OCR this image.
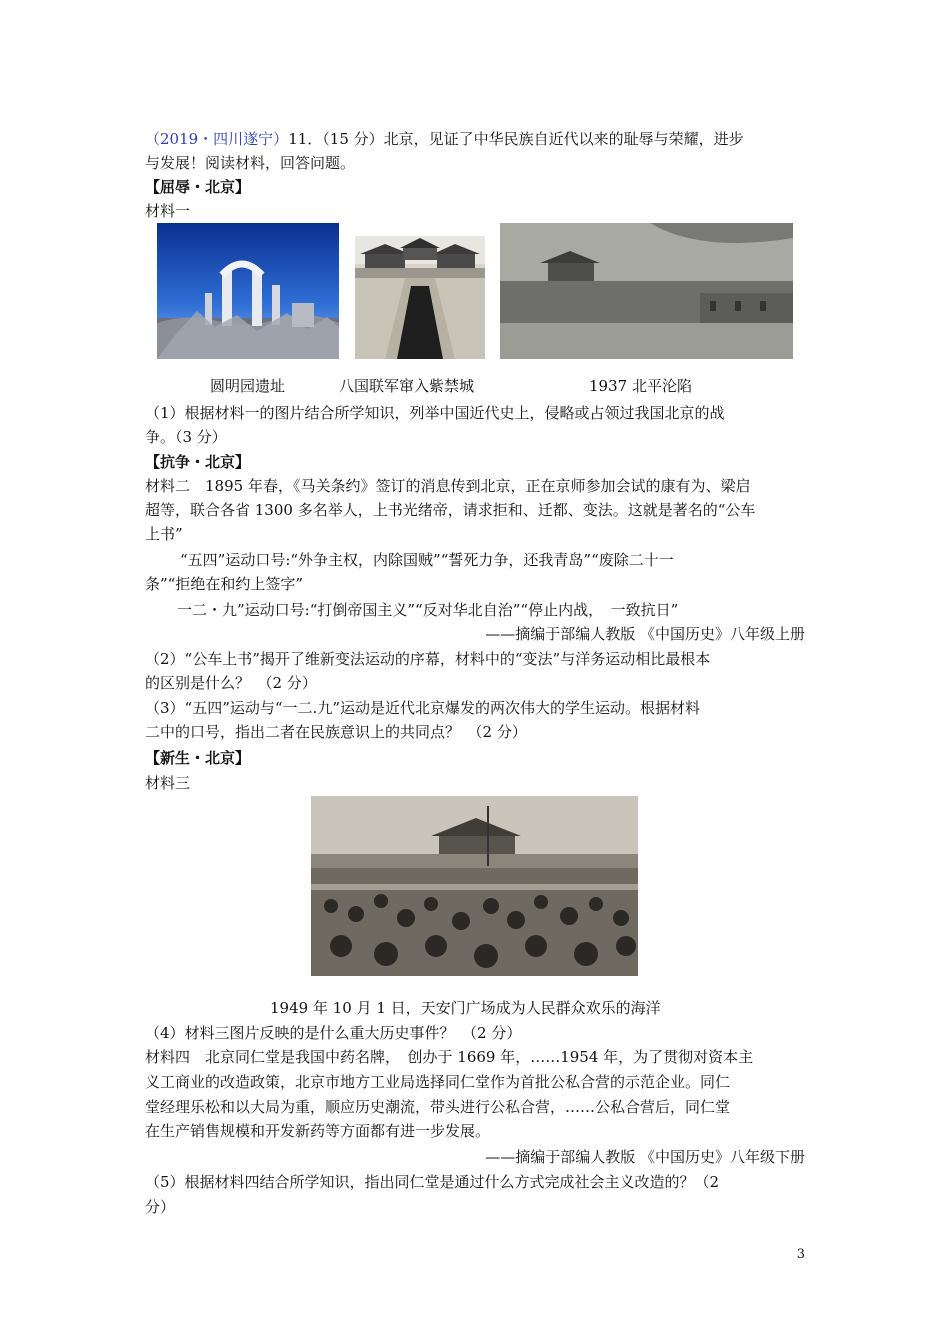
（2019・四川遂宁）11．（15 分）北京，见证了中华民族自近代以来的耻辱与荣耀，进步
与发展！阅读材料，回答问题。
【屈辱・北京】
材料一
圆明园遗址	八国联军窜入紫禁城	1937 北平沦陷
（1）根据材料一的图片结合所学知识，列举中国近代史上，侵略或占领过我国北京的战
争。（3 分）
【抗争・北京】
材料二　1895 年春，《马关条约》签订的消息传到北京，正在京师参加会试的康有为、梁启
超等，联合各省 1300 多名举人，上书光绪帝，请求拒和、迁都、变法。这就是著名的“公车
上书”
“五四”运动口号:“外争主权，内除国贼”“誓死力争，还我青岛”“废除二十一
条”“拒绝在和约上签字”
一二・九”运动口号:“打倒帝国主义”“反对华北自治”“停止内战，　一致抗日”
——摘编于部编人教版 《中国历史》八年级上册
（2）“公车上书”揭开了维新变法运动的序幕，材料中的“变法”与洋务运动相比最根本
的区别是什么？　（2 分）
（3）“五四”运动与“一二.九”运动是近代北京爆发的两次伟大的学生运动。根据材料
二中的口号，指出二者在民族意识上的共同点？　（2 分）
【新生・北京】
材料三
1949 年 10 月 1 日，天安门广场成为人民群众欢乐的海洋
（4）材料三图片反映的是什么重大历史事件？　（2 分）
材料四　北京同仁堂是我国中药名牌，　创办于 1669 年，……1954 年，为了贯彻对资本主
义工商业的改造政策，北京市地方工业局选择同仁堂作为首批公私合营的示范企业。同仁
堂经理乐松和以大局为重，顺应历史潮流，带头进行公私合营，……公私合营后，同仁堂
在生产销售规模和开发新药等方面都有进一步发展。
——摘编于部编人教版 《中国历史》八年级下册
（5）根据材料四结合所学知识，指出同仁堂是通过什么方式完成社会主义改造的？（2
分）
3
